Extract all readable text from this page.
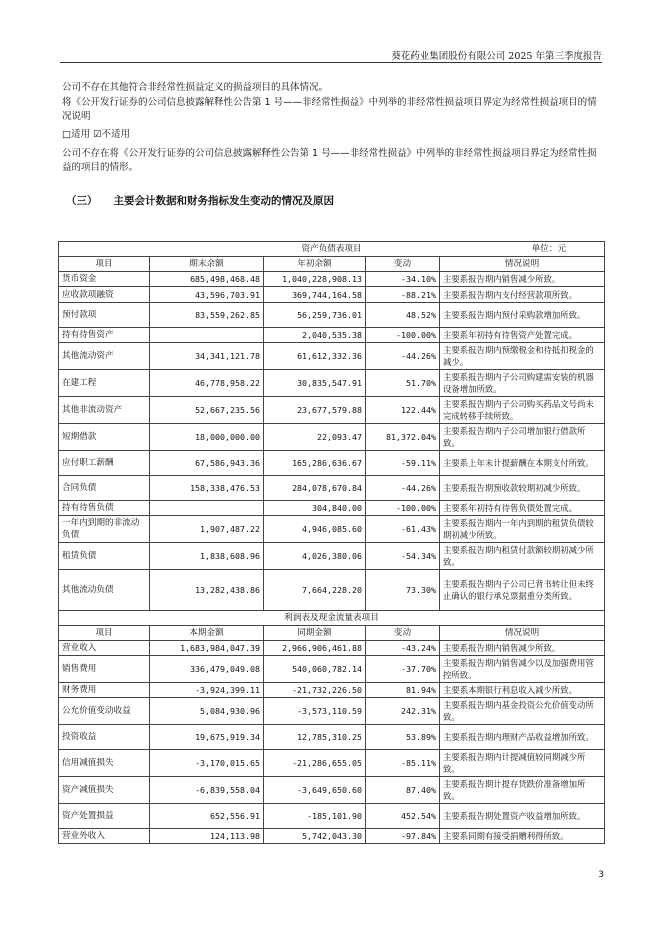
葵花药业集团股份有限公司 2025 年第三季度报告
公司不存在其他符合非经常性损益定义的损益项目的具体情况。
将《公开发行证券的公司信息披露解释性公告第 1 号——非经常性损益》中列举的非经常性损益项目界定为经常性损益项目的情况说明
□适用 ☑不适用
公司不存在将《公开发行证券的公司信息披露解释性公告第 1 号——非经常性损益》中列举的非经常性损益项目界定为经常性损益的项目的情形。
（三） 主要会计数据和财务指标发生变动的情况及原因
资产负债表项目 单位：元				

项目	期末余额	年初余额	变动	情况说明
货币资金	685,498,468.48	1,040,228,908.13	-34.10%	主要系报告期内销售减少所致。
应收款项融资	43,596,703.91	369,744,164.58	-88.21%	主要系报告期内支付经营款项所致。
预付款项	83,559,262.85	56,259,736.01	48.52%	主要系报告期内预付采购款增加所致。
持有待售资产		2,040,535.38	-100.00%	主要系年初持有待售资产处置完成。
其他流动资产	34,341,121.78	61,612,332.36	-44.26%	主要系报告期内预缴税金和待抵扣税金的减少。
在建工程	46,778,958.22	30,835,547.91	51.70%	主要系报告期内子公司购建需安装的机器设备增加所致。
其他非流动资产	52,667,235.56	23,677,579.88	122.44%	主要系报告期内子公司购买药品文号尚未完成转移手续所致。
短期借款	18,000,000.00	22,093.47	81,372.04%	主要系报告期内子公司增加银行借款所致。
应付职工薪酬	67,586,943.36	165,286,636.67	-59.11%	主要系上年末计提薪酬在本期支付所致。
合同负债	158,338,476.53	284,078,670.84	-44.26%	主要系报告期预收款较期初减少所致。
持有待售负债		304,840.00	-100.00%	主要系年初持有待售负债处置完成。
一年内到期的非流动负债	1,907,487.22	4,946,085.60	-61.43%	主要系报告期内一年内到期的租赁负债较期初减少所致。
租赁负债	1,838,608.96	4,026,380.06	-54.34%	主要系报告期内租赁付款额较期初减少所致。
其他流动负债	13,282,438.86	7,664,228.20	73.30%	主要系报告期内子公司已背书转让但未终止确认的银行承兑票据重分类所致。
利润表及现金流量表项目				
项目	本期金额	同期金额	变动	情况说明
营业收入	1,683,984,047.39	2,966,906,461.88	-43.24%	主要系报告期内销售减少所致。
销售费用	336,479,049.08	540,060,782.14	-37.70%	主要系报告期内销售减少以及加强费用管控所致。
财务费用	-3,924,399.11	-21,732,226.50	81.94%	主要系本期银行利息收入减少所致。
公允价值变动收益	5,084,930.96	-3,573,110.59	242.31%	主要系报告期内基金投资公允价值变动所致。
投资收益	19,675,919.34	12,785,310.25	53.89%	主要系报告期内理财产品收益增加所致。
信用减值损失	-3,170,015.65	-21,286,655.05	-85.11%	主要系报告期内计提减值较同期减少所致。
资产减值损失	-6,839,558.04	-3,649,650.60	87.40%	主要系报告期计提存货跌价准备增加所致。
资产处置损益	652,556.91	-185,101.90	452.54%	主要系报告期处置资产收益增加所致。
营业外收入	124,113.98	5,742,043.30	-97.84%	主要系同期有接受捐赠利得所致。
3
